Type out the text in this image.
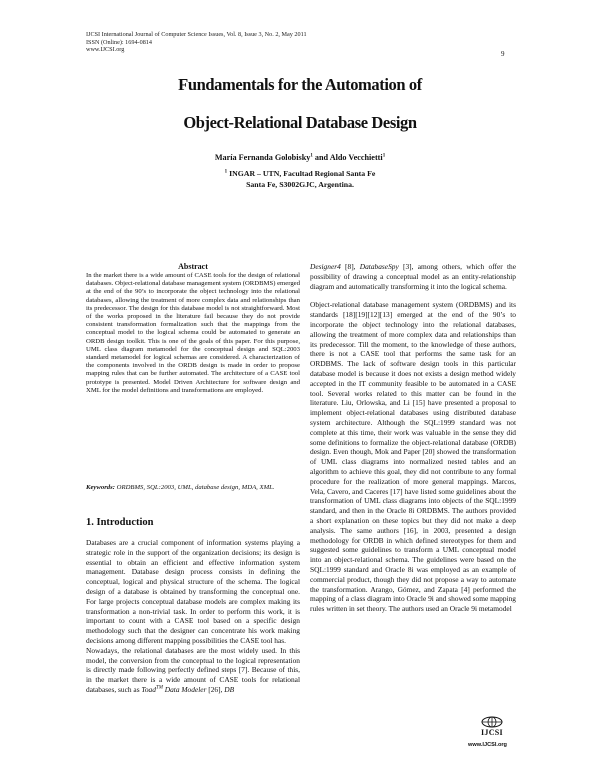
IJCSI International Journal of Computer Science Issues, Vol. 8, Issue 3, No. 2, May 2011
ISSN (Online): 1694-0814
www.IJCSI.org
9
Fundamentals for the Automation of
Object-Relational Database Design
María Fernanda Golobisky$^1$ and Aldo Vecchietti$^1$
$^1$ INGAR – UTN, Facultad Regional Santa Fe
Santa Fe, S3002GJC, Argentina.
Abstract
In the market there is a wide amount of CASE tools for the design of relational databases. Object-relational database management system (ORDBMS) emerged at the end of the 90’s to incorporate the object technology into the relational databases, allowing the treatment of more complex data and relationships than its predecessor. The design for this database model is not straightforward. Most of the works proposed in the literature fail because they do not provide consistent transformation formalization such that the mappings from the conceptual model to the logical schema could be automated to generate an ORDB design toolkit. This is one of the goals of this paper. For this purpose, UML class diagram metamodel for the conceptual design and SQL:2003 standard metamodel for logical schemas are considered. A characterization of the components involved in the ORDB design is made in order to propose mapping rules that can be further automated. The architecture of a CASE tool prototype is presented. Model Driven Architecture for software design and XML for the model definitions and transformations are employed.
Keywords: ORDBMS, SQL:2003, UML, database design, MDA, XML.
1. Introduction

Databases are a crucial component of information systems playing a strategic role in the support of the organization decisions; its design is essential to obtain an efficient and effective information system management. Database design process consists in defining the conceptual, logical and physical structure of the schema. The logical design of a database is obtained by transforming the conceptual one. For large projects conceptual database models are complex making its transformation a non-trivial task. In order to perform this work, it is important to count with a CASE tool based on a specific design methodology such that the designer can concentrate his work making decisions among different mapping possibilities the CASE tool has.

Nowadays, the relational databases are the most widely used. In this model, the conversion from the conceptual to the logical representation is directly made following perfectly defined steps [7]. Because of this, in the market there is a wide amount of CASE tools for relational databases, such as Toad™ Data Modeler [26], DB

Designer4 [8], DatabaseSpy [3], among others, which offer the possibility of drawing a conceptual model as an entity-relationship diagram and automatically transforming it into the logical schema.

Object-relational database management system (ORDBMS) and its standards [18][19][12][13] emerged at the end of the 90’s to incorporate the object technology into the relational databases, allowing the treatment of more complex data and relationships than its predecessor. Till the moment, to the knowledge of these authors, there is not a CASE tool that performs the same task for an ORDBMS. The lack of software design tools in this particular database model is because it does not exists a design method widely accepted in the IT community feasible to be automated in a CASE tool. Several works related to this matter can be found in the literature. Liu, Orlowska, and Li [15] have presented a proposal to implement object-relational databases using distributed database system architecture. Although the SQL:1999 standard was not complete at this time, their work was valuable in the sense they did some definitions to formalize the object-relational database (ORDB) design. Even though, Mok and Paper [20] showed the transformation of UML class diagrams into normalized nested tables and an algorithm to achieve this goal, they did not contribute to any formal procedure for the realization of more general mappings. Marcos, Vela, Cavero, and Caceres [17] have listed some guidelines about the transformation of UML class diagrams into objects of the SQL:1999 standard, and then in the Oracle 8i ORDBMS. The authors provided a short explanation on these topics but they did not make a deep analysis. The same authors [16], in 2003, presented a design methodology for ORDB in which defined stereotypes for them and suggested some guidelines to transform a UML conceptual model into an object-relational schema. The guidelines were based on the SQL:1999 standard and Oracle 8i was employed as an example of commercial product, though they did not propose a way to automate the transformation. Arango, Gómez, and Zapata [4] performed the mapping of a class diagram into Oracle 9i and showed some mapping rules written in set theory. The authors used an Oracle 9i metamodel

IJCSI
www.IJCSI.org
